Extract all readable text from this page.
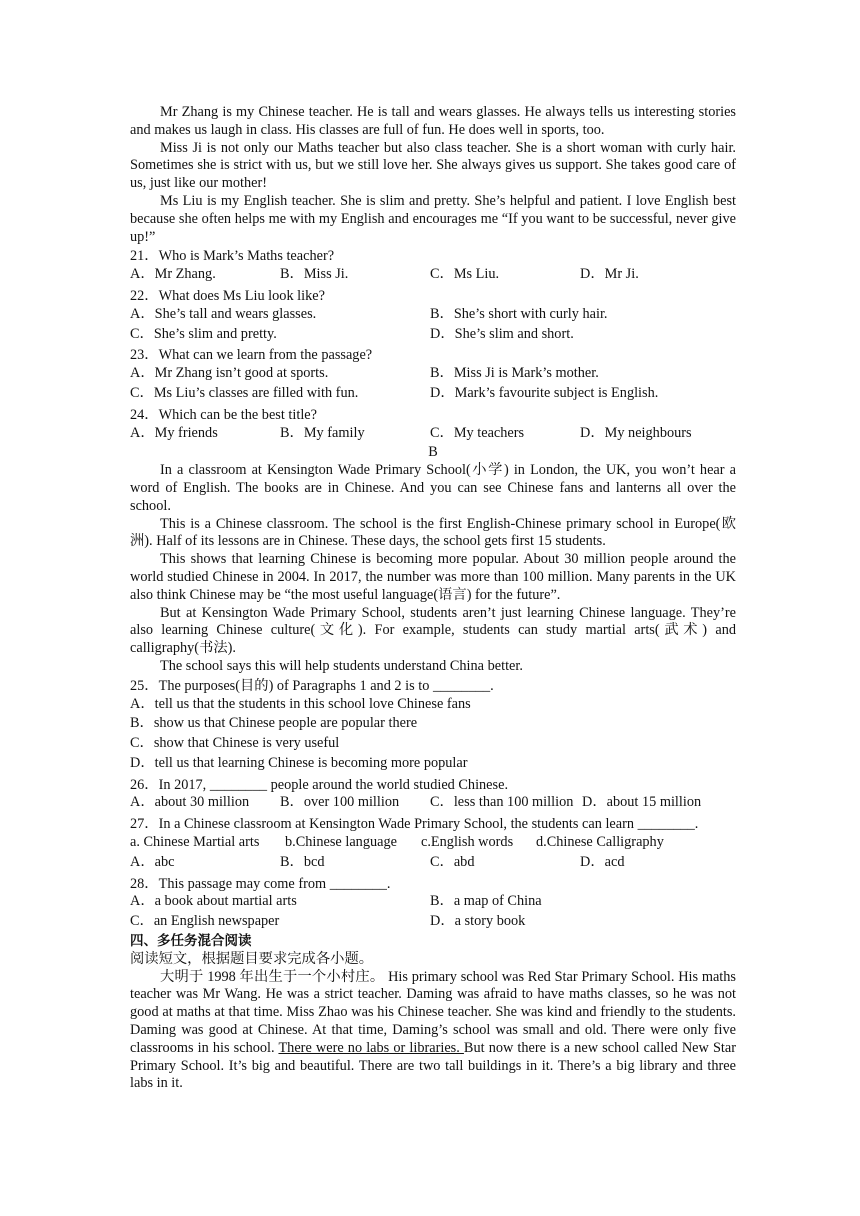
Mr Zhang is my Chinese teacher. He is tall and wears glasses. He always tells us interesting stories and makes us laugh in class. His classes are full of fun. He does well in sports, too.

Miss Ji is not only our Maths teacher but also class teacher. She is a short woman with curly hair. Sometimes she is strict with us, but we still love her. She always gives us support. She takes good care of us, just like our mother!

Ms Liu is my English teacher. She is slim and pretty. She’s helpful and patient. I love English best because she often helps me with my English and encourages me “If you want to be successful, never give up!”

21．Who is Mark’s Maths teacher?

A．Mr Zhang.	B．Miss Ji.	C．Ms Liu.	D．Mr Ji.

22．What does Ms Liu look like?

A．She’s tall and wears glasses.	B．She’s short with curly hair.
C．She’s slim and pretty.	D．She’s slim and short.

23．What can we learn from the passage?

A．Mr Zhang isn’t good at sports.	B．Miss Ji is Mark’s mother.
C．Ms Liu’s classes are filled with fun.	D．Mark’s favourite subject is English.

24．Which can be the best title?

A．My friends	B．My family	C．My teachers	D．My neighbours

B

In a classroom at Kensington Wade Primary School(小学) in London, the UK, you won’t hear a word of English. The books are in Chinese. And you can see Chinese fans and lanterns all over the school.

This is a Chinese classroom. The school is the first English-Chinese primary school in Europe(欧洲). Half of its lessons are in Chinese. These days, the school gets first 15 students.

This shows that learning Chinese is becoming more popular. About 30 million people around the world studied Chinese in 2004. In 2017, the number was more than 100 million. Many parents in the UK also think Chinese may be “the most useful language(语言) for the future”.

But at Kensington Wade Primary School, students aren’t just learning Chinese language. They’re also learning Chinese culture(文化). For example, students can study martial arts(武术) and calligraphy(书法).

The school says this will help students understand China better.

25．The purposes(目的) of Paragraphs 1 and 2 is to ________.

A．tell us that the students in this school love Chinese fans
B．show us that Chinese people are popular there
C．show that Chinese is very useful
D．tell us that learning Chinese is becoming more popular

26．In 2017, ________ people around the world studied Chinese.

A．about 30 million B．over 100 million C．less than 100 million D．about 15 million

27．In a Chinese classroom at Kensington Wade Primary School, the students can learn ________.

a. Chinese Martial arts b.Chinese language c.English words d.Chinese Calligraphy
A．abc	B．bcd	C．abd	D．acd

28．This passage may come from ________.

A．a book about martial arts	B．a map of China
C．an English newspaper	D．a story book

四、多任务混合阅读

阅读短文，根据题目要求完成各小题。

大明于 1998 年出生于一个小村庄。 His primary school was Red Star Primary School. His maths teacher was Mr Wang. He was a strict teacher. Daming was afraid to have maths classes, so he was not good at maths at that time. Miss Zhao was his Chinese teacher. She was kind and friendly to the students. Daming was good at Chinese. At that time, Daming’s school was small and old. There were only five classrooms in his school. There were no labs or libraries. But now there is a new school called New Star Primary School. It’s big and beautiful. There are two tall buildings in it. There’s a big library and three labs in it.
